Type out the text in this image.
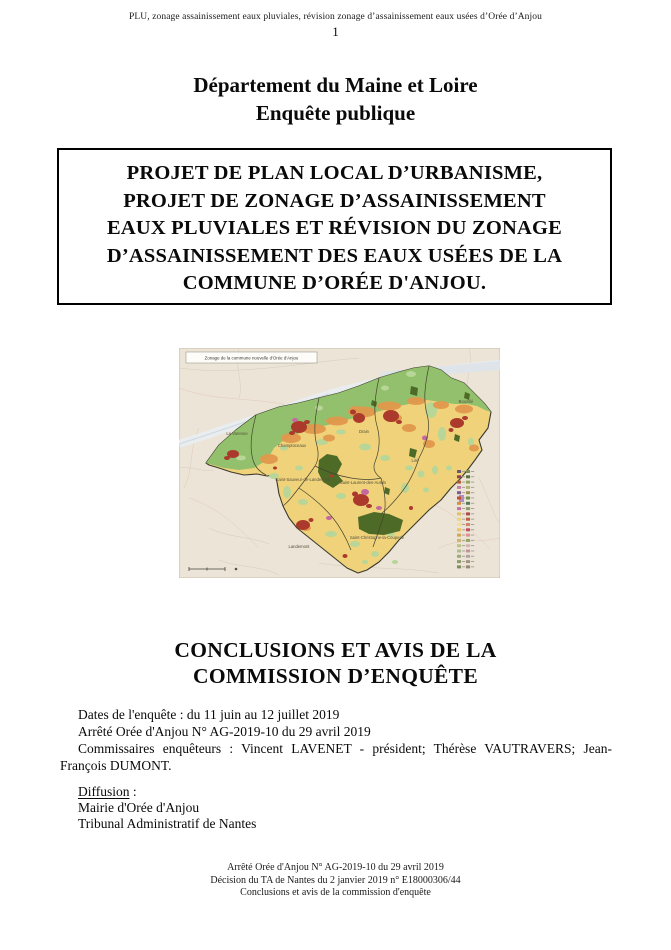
PLU, zonage assainissement eaux pluviales, révision zonage d’assainissement eaux usées d’Orée d’Anjou
1
Département du Maine et Loire
Enquête publique
PROJET DE PLAN LOCAL D’URBANISME,
PROJET DE ZONAGE D’ASSAINISSEMENT
EAUX PLUVIALES ET RÉVISION DU ZONAGE
D’ASSAINISSEMENT DES EAUX USÉES DE LA
COMMUNE D’ORÉE D'ANJOU.
La Varenne
Champtoceaux
Drain
Liré
Bouzillé
Saint-Sauveur-de-Landemont
Saint-Laurent-des-Autels
Landemont
Saint-Christophe-la-Couperie
Zonage de la commune nouvelle d'Orée d'Anjou
CONCLUSIONS ET AVIS DE LA
COMMISSION D’ENQUÊTE

Dates de l'enquête : du 11 juin au 12 juillet 2019

Arrêté Orée d'Anjou N° AG-2019-10 du 29 avril 2019

Commissaires enquêteurs : Vincent LAVENET - président; Thérèse VAUTRAVERS; Jean-

François DUMONT.

Diffusion :

Mairie d'Orée d'Anjou

Tribunal Administratif de Nantes

Arrêté Orée d'Anjou N° AG-2019-10 du 29 avril 2019
Décision du TA de Nantes du 2 janvier 2019 n° E18000306/44
Conclusions et avis de la commission d'enquête
